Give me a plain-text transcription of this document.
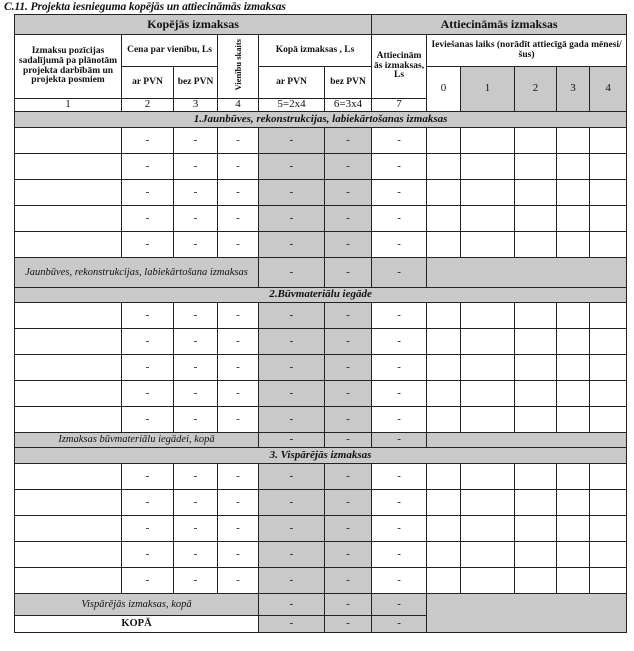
C.11. Projekta iesnieguma kopējās un attiecināmās izmaksas
Kopējās izmaksas						Attiecināmās izmaksas					
Izmaksu pozīcijas sadalījumā pa plānotām projekta darbībām un projekta posmiem	Cena par vienību, Ls		Vienību skaits	Kopā izmaksas , Ls		Attiecinām ās izmaksas, Ls	Ieviešanas laiks (norādīt attiecīgā gada mēnesi/šus)				
	ar PVN	bez PVN		ar PVN	bez PVN		0	1	2	3	4
1	2	3	4	5=2x4	6=3x4	7					
1.Jaunbūves, rekonstrukcijas, labiekārtošanas izmaksas											
	-	-	-	-	-	-					
	-	-	-	-	-	-					
	-	-	-	-	-	-					
	-	-	-	-	-	-					
	-	-	-	-	-	-					
Jaunbūves, rekonstrukcijas, labiekārtošana izmaksas				-	-	-					
2.Būvmateriālu iegāde											
	-	-	-	-	-	-					
	-	-	-	-	-	-					
	-	-	-	-	-	-					
	-	-	-	-	-	-					
	-	-	-	-	-	-					
Izmaksas būvmateriālu iegādei, kopā				-	-	-					
3. Vispārējās izmaksas											
	-	-	-	-	-	-					
	-	-	-	-	-	-					
	-	-	-	-	-	-					
	-	-	-	-	-	-					
	-	-	-	-	-	-					
Vispārējās izmaksas, kopā				-	-	-					
KOPĀ				-	-	-					
